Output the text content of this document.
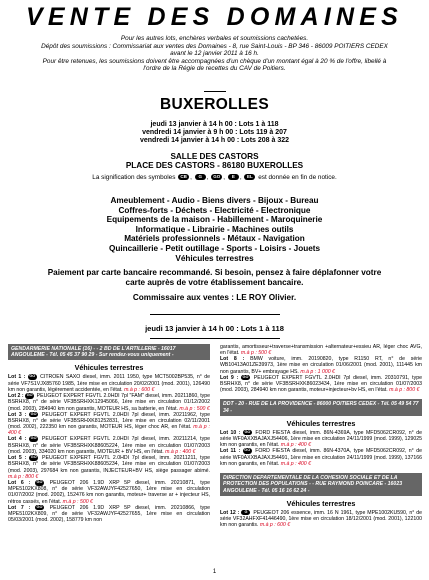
VENTE DES DOMAINES

Pour les autres lots, enchères verbales et soumissions cachetées.

Dépôt des soumissions : Commissariat aux ventes des Domaines - 8, rue Saint-Louis - BP 346 - 86009 POITIERS CEDEX avant le 12 janvier 2011 à 16 h.

Pour être retenues, les soumissions doivent être accompagnées d'un chèque d'un montant égal à 20 % de l'offre, libellé à l'ordre de la Régie de recettes du CAV de Poitiers.

BUXEROLLES
jeudi 13 janvier à 14 h 00 : Lots 1 à 118
vendredi 14 janvier à 9 h 00 : Lots 119 à 207
vendredi 14 janvier à 14 h 00 : Lots 208 à 322
SALLE DES CASTORS
PLACE DES CASTORS - 86180 BUXEROLLES
La signification des symboles CB , G , GO , E , EL est donnée en fin de notice.
Ameublement - Audio - Biens divers - Bijoux - Bureau
Coffres-forts - Déchets - Electricité - Electronique
Equipements de la maison - Habillement - Maroquinerie
Informatique - Librairie - Machines outils
Matériels professionnels - Métaux - Navigation
Quincaillerie - Petit outillage - Sports - Loisirs - Jouets
Véhicules terrestres
Paiement par carte bancaire recommandé. Si besoin, pensez à faire déplafonner votre
carte auprès de votre établissement bancaire.
Commissaire aux ventes : LE ROY Olivier.
jeudi 13 janvier à 14 h 00 : Lots 1 à 118
GENDARMERIE NATIONALE (16) - - 2 BD DE L'ARTILLERIE - 16017 ANGOULEME - Tél. 05 45 37 90 29 - Sur rendez-vous uniquement -
Véhicules terrestres

Lot 1 : GO CITROEN SAXO diesel, imm. 2011 1950, type MCT5002BP535, n° de série VF7S1VJX85760 1985, 1ère mise en circulation 20/02/2001 (mod. 2001), 126490 km non garantis, légèrement accidentée, en l'état. m.à p : 600 €

Lot 2 : GO PEUGEOT EXPERT FGVTL 2.0HDI 7pl "FAM" diesel, imm. 20211860, type BSRHX8, n° de série VF3BSRHXK12945066, 1ère mise en circulation 01/12/2002 (mod. 2003), 284940 km non garantis, MOTEUR HS, sa batterie, en l'état. m.à p : 500 €

Lot 3 : GO PEUGEOT EXPERT FGVTL 2.0HDI 7pl diesel, imm. 20211962, type BSRHX8, n° de série VF3BSRHXK81252831, 1ère mise en circulation 02/11/2001 (mod. 2002), 222350 km non garantis, MOTEUR HS, léger choc AR, en l'état. m.à p : 400 €

Lot 4 : GO PEUGEOT EXPERT FGVTL 2.0HDI 7pl diesel, imm. 20211214, type BSRHX8, n° de série VF3BSRHXK88605224, 1ère mise en circulation 01/07/2003 (mod. 2003), 334020 km non garantis, MOTEUR + BV HS, en l'état. m.à p : 400 €

Lot 5 : GO PEUGEOT EXPERT FGVTL 2.0HDI 7pl diesel, imm. 20211211, type BSRHX8, n° de série VF3BSRHXK88605234, 1ère mise en circulation 01/07/2003 (mod. 2003), 297684 km non garantis, INJECTEUR+BV HS, siège passager abimé. m.à p : 800 €

Lot 6 : GO PEUGEOT 206 1.9D XRP 5P diesel, imm. 20210871, type MPE5102KX808, n° de série VF32AWJYF42527650, 1ère mise en circulation 01/07/2002 (mod. 2002), 152476 km non garantis, moteur+ traverse ar + injecteur HS, rétros cassés, en l'état. m.à p : 500 €

Lot 7 : GO PEUGEOT 206 1.9D XRP 5P diesel, imm. 20210866, type MPE5102KX809, n° de série VF32AWJYF42527655, 1ère mise en circulation 05/03/2001 (mod. 2002), 158779 km non

garantis, amortisseur+traverse+transmission +alternateur+essieu AR, léger choc AVG, en l'état. m.à p : 500 €

Lot 8 : BMW voiture, imm. 20190820, type R1150 RT, n° de série WB10413A01ZE39973, 1ère mise en circulation 01/06/2001 (mod. 2001), 111445 km non garantis, BV+ embrayage HS. m.à p : 1 000 €

Lot 9 : GO PEUGEOT EXPERT FGVTL 2.0HDI 7pl diesel, imm. 20310791, type BSRHX8, n° de série VF3BSRHXK86023434, 1ère mise en circulation 01/07/2003 (mod. 2003), 284940 km non garantis, moteur+injecteur+bv HS, en l'état. m.à p : 800 €

DDT - 20 - RUE DE LA PROVIDENCE - 86000 POITIERS CEDEX - Tél. 05 49 54 77 34 -
Véhicules terrestres

Lot 10 : GO FORD FIESTA diesel, imm. 86N-4369A, type MFD5062CR092, n° de série WF0AXXBAJAXJ54406, 1ère mise en circulation 24/11/1999 (mod. 1999), 129025 km non garantis, en l'état. m.à p : 400 €

Lot 11 : GO FORD FIESTA diesel, imm. 86N-4370A, type MFD5062CR092, n° de série WF0AXXBAJAXJ54491, 1ère mise en circulation 24/11/1999 (mod. 1999), 137166 km non garantis, en l'état. m.à p : 400 €

DIRECTION DEPARTEMENTALE DE LA COHESION SOCIALE ET DE LA PROTECTION DES POPULATIONS - - RUE RAYMOND POINCARE - 16023 ANGOULEME - Tél. 05 16 16 62 24 -
Véhicules terrestres

Lot 12 : G PEUGEOT 206 essence, imm. 16 N 1961, type MPE1002KU590, n° de série VF32AHFXF41446490, 1ère mise en circulation 18/12/2001 (mod. 2001), 122100 km non garantis. m.à p : 600 €

1
